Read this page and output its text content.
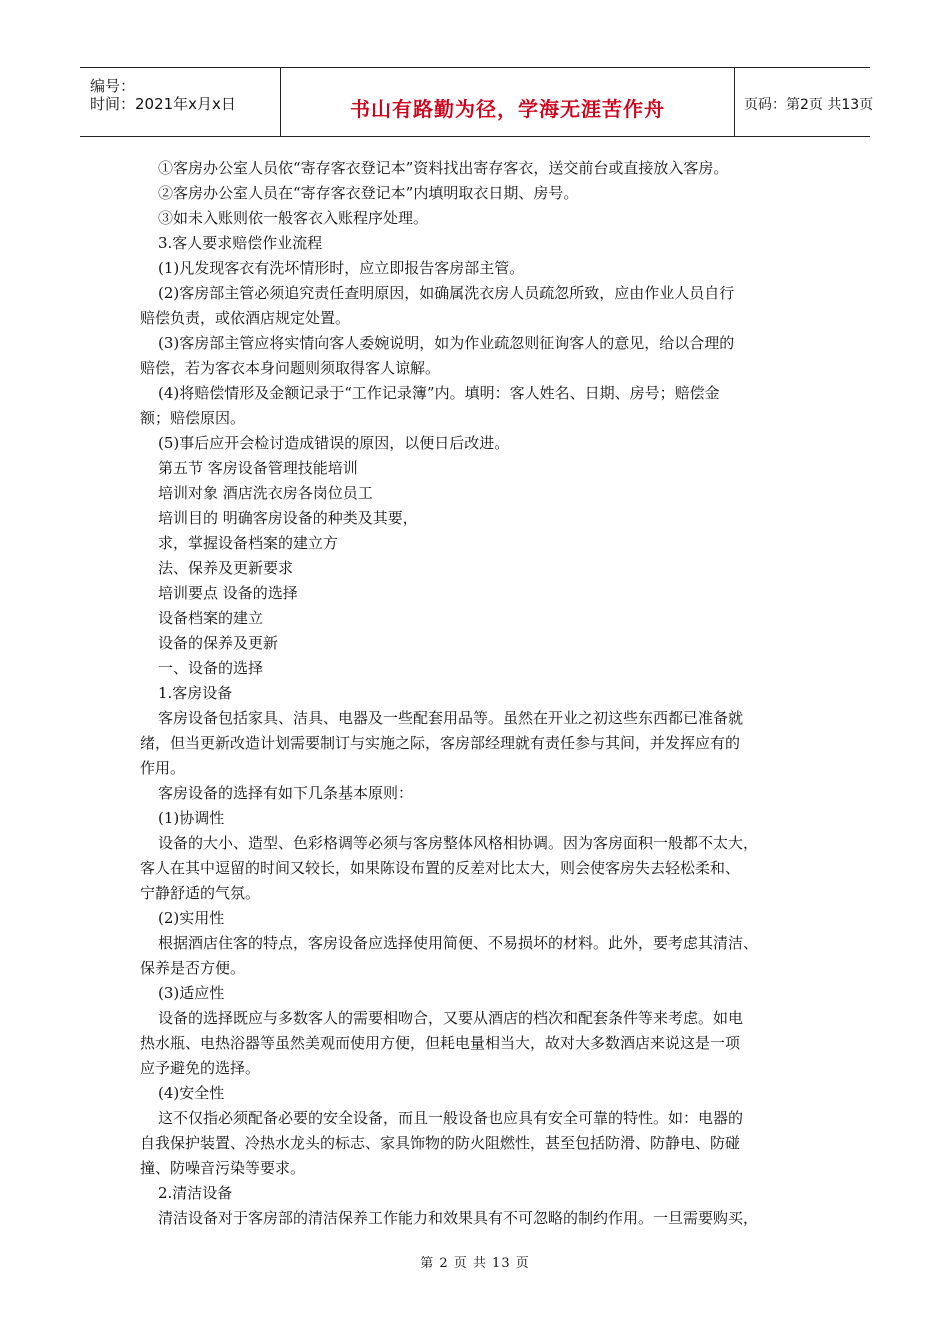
编号：
时间：2021年x月x日	书山有路勤为径，学海无涯苦作舟	页码：第2页 共13页

①客房办公室人员依“寄存客衣登记本”资料找出寄存客衣，送交前台或直接放入客房。

②客房办公室人员在“寄存客衣登记本”内填明取衣日期、房号。

③如未入账则依一般客衣入账程序处理。

3.客人要求赔偿作业流程

(1)凡发现客衣有洗坏情形时，应立即报告客房部主管。

(2)客房部主管必须追究责任查明原因，如确属洗衣房人员疏忽所致，应由作业人员自行

赔偿负责，或依酒店规定处置。

(3)客房部主管应将实情向客人委婉说明，如为作业疏忽则征询客人的意见，给以合理的

赔偿，若为客衣本身问题则须取得客人谅解。

(4)将赔偿情形及金额记录于“工作记录簿”内。填明：客人姓名、日期、房号；赔偿金

额；赔偿原因。

(5)事后应开会检讨造成错误的原因，以便日后改进。

第五节 客房设备管理技能培训

培训对象 酒店洗衣房各岗位员工

培训目的 明确客房设备的种类及其要，

求，掌握设备档案的建立方

法、保养及更新要求

培训要点 设备的选择

设备档案的建立

设备的保养及更新

一、设备的选择

1.客房设备

客房设备包括家具、洁具、电器及一些配套用品等。虽然在开业之初这些东西都已准备就

绪，但当更新改造计划需要制订与实施之际，客房部经理就有责任参与其间，并发挥应有的

作用。

客房设备的选择有如下几条基本原则：

(1)协调性

设备的大小、造型、色彩格调等必须与客房整体风格相协调。因为客房面积一般都不太大，

客人在其中逗留的时间又较长，如果陈设布置的反差对比太大，则会使客房失去轻松柔和、

宁静舒适的气氛。

(2)实用性

根据酒店住客的特点，客房设备应选择使用简便、不易损坏的材料。此外，要考虑其清洁、

保养是否方便。

(3)适应性

设备的选择既应与多数客人的需要相吻合，又要从酒店的档次和配套条件等来考虑。如电

热水瓶、电热浴器等虽然美观而使用方便，但耗电量相当大，故对大多数酒店来说这是一项

应予避免的选择。

(4)安全性

这不仅指必须配备必要的安全设备，而且一般设备也应具有安全可靠的特性。如：电器的

自我保护装置、冷热水龙头的标志、家具饰物的防火阻燃性，甚至包括防滑、防静电、防碰

撞、防噪音污染等要求。

2.清洁设备

清洁设备对于客房部的清洁保养工作能力和效果具有不可忽略的制约作用。一旦需要购买，

第 2 页 共 13 页
